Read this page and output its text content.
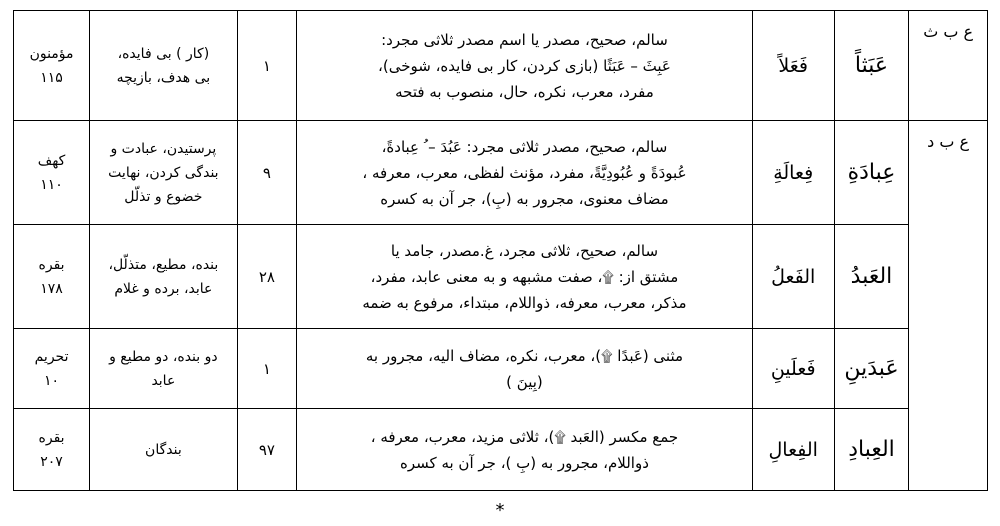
ع ب ث	عَبَثاً	فَعَلاً	سالم، صحیح، مصدر یا اسم مصدر ثلاثی مجرد:
عَبِثَ – عَبَثًا (بازی کردن، کار بی فایده، شوخی)،
مفرد، معرب، نکره، حال، منصوب به فتحه	۱	(کار ) بی فایده،
بی هدف، بازیچه	مؤمنون
۱۱۵

ع ب د	عِبادَةِ	فِعالَةِ	سالم، صحیح، مصدر ثلاثی مجرد: عَبُدَ – ُ عِبادةً،
عُبودَةً و عُبُودِیَّةً، مفرد، مؤنث لفظی، معرب، معرفه ،
مضاف معنوی، مجرور به (بِ)، جر آن به کسره	۹	پرستیدن، عبادت و
بندگی کردن، نهایت
خضوع و تذلّل	کهف
۱۱۰

	العَبدُ	الفَعلُ	سالم، صحیح، ثلاثی مجرد، غ.مصدر، جامد یا
مشتق از: ۩، صفت مشبهه و به معنی عابد، مفرد،
مذکر، معرب، معرفه، ذواللام، مبتداء، مرفوع به ضمه	۲۸	بنده، مطیع، متذلّل،
عابد، برده و غلام	بقره
۱۷۸

	عَبدَینِ	فَعلَینِ	مثنی (عَبدًا ۩)، معرب، نکره، مضاف الیه، مجرور به
(بِینَ )	۱	دو بنده، دو مطیع و
عابد	تحریم
۱۰

	العِبادِ	الفِعالِ	جمع مکسر (العَبد ۩)، ثلاثی مزید، معرب، معرفه ،
ذواللام، مجرور به (بِ )، جر آن به کسره	۹۷	بندگان	بقره
۲۰۷
*
